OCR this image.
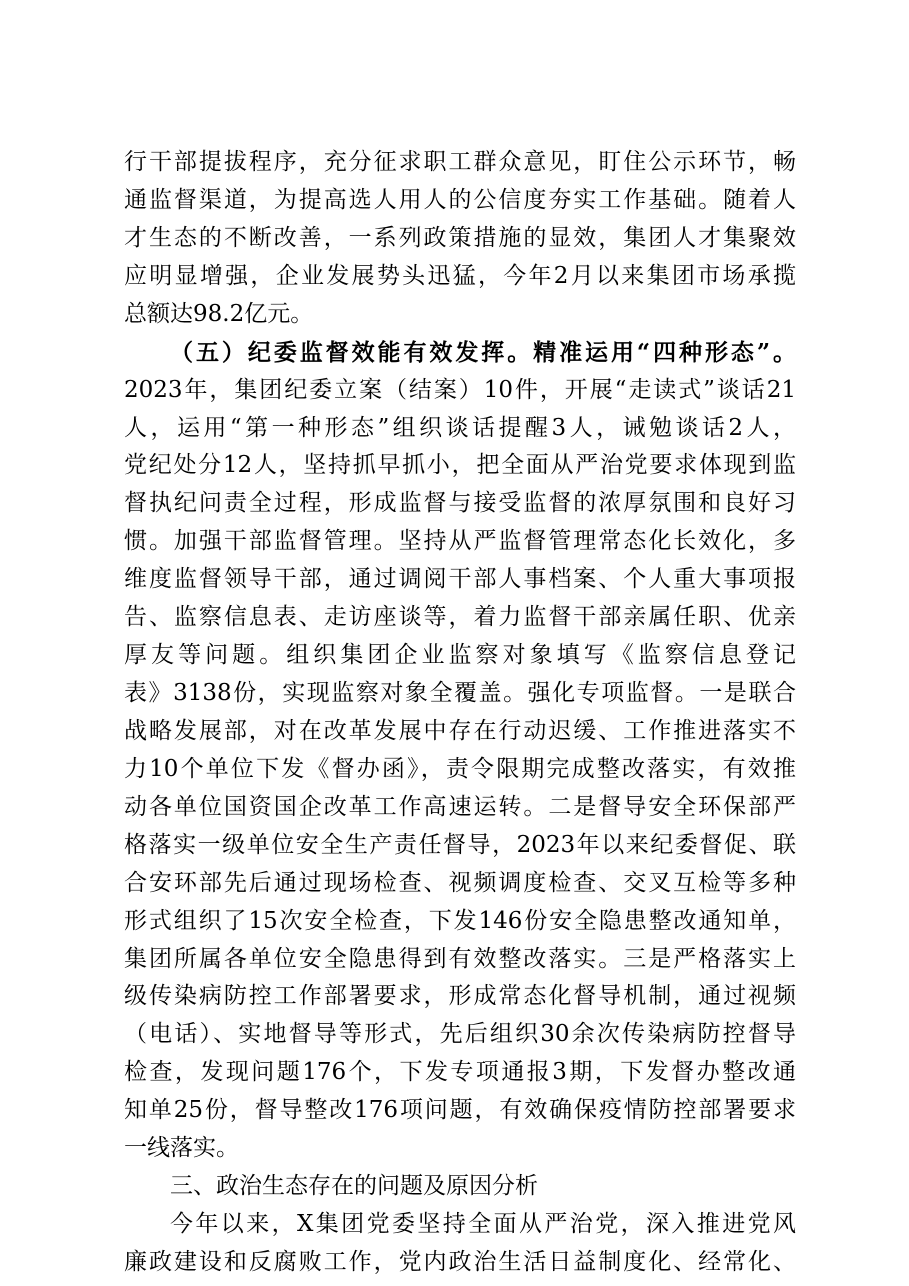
行干部提拔程序，充分征求职工群众意见，盯住公示环节，畅
通监督渠道，为提高选人用人的公信度夯实工作基础。随着人
才生态的不断改善，一系列政策措施的显效，集团人才集聚效
应明显增强，企业发展势头迅猛，今年2月以来集团市场承揽
总额达98.2亿元。
（五）纪委监督效能有效发挥。精准运用“四种形态”。
2023年，集团纪委立案（结案）10件，开展“走读式”谈话21
人，运用“第一种形态”组织谈话提醒3人，诫勉谈话2人，
党纪处分12人，坚持抓早抓小，把全面从严治党要求体现到监
督执纪问责全过程，形成监督与接受监督的浓厚氛围和良好习
惯。加强干部监督管理。坚持从严监督管理常态化长效化，多
维度监督领导干部，通过调阅干部人事档案、个人重大事项报
告、监察信息表、走访座谈等，着力监督干部亲属任职、优亲
厚友等问题。组织集团企业监察对象填写《监察信息登记
表》3138份，实现监察对象全覆盖。强化专项监督。一是联合
战略发展部，对在改革发展中存在行动迟缓、工作推进落实不
力10个单位下发《督办函》，责令限期完成整改落实，有效推
动各单位国资国企改革工作高速运转。二是督导安全环保部严
格落实一级单位安全生产责任督导，2023年以来纪委督促、联
合安环部先后通过现场检查、视频调度检查、交叉互检等多种
形式组织了15次安全检查，下发146份安全隐患整改通知单，
集团所属各单位安全隐患得到有效整改落实。三是严格落实上
级传染病防控工作部署要求，形成常态化督导机制，通过视频
（电话）、实地督导等形式，先后组织30余次传染病防控督导
检查，发现问题176个，下发专项通报3期，下发督办整改通
知单25份，督导整改176项问题，有效确保疫情防控部署要求
一线落实。
三、政治生态存在的问题及原因分析
今年以来，X集团党委坚持全面从严治党，深入推进党风
廉政建设和反腐败工作，党内政治生活日益制度化、经常化、
